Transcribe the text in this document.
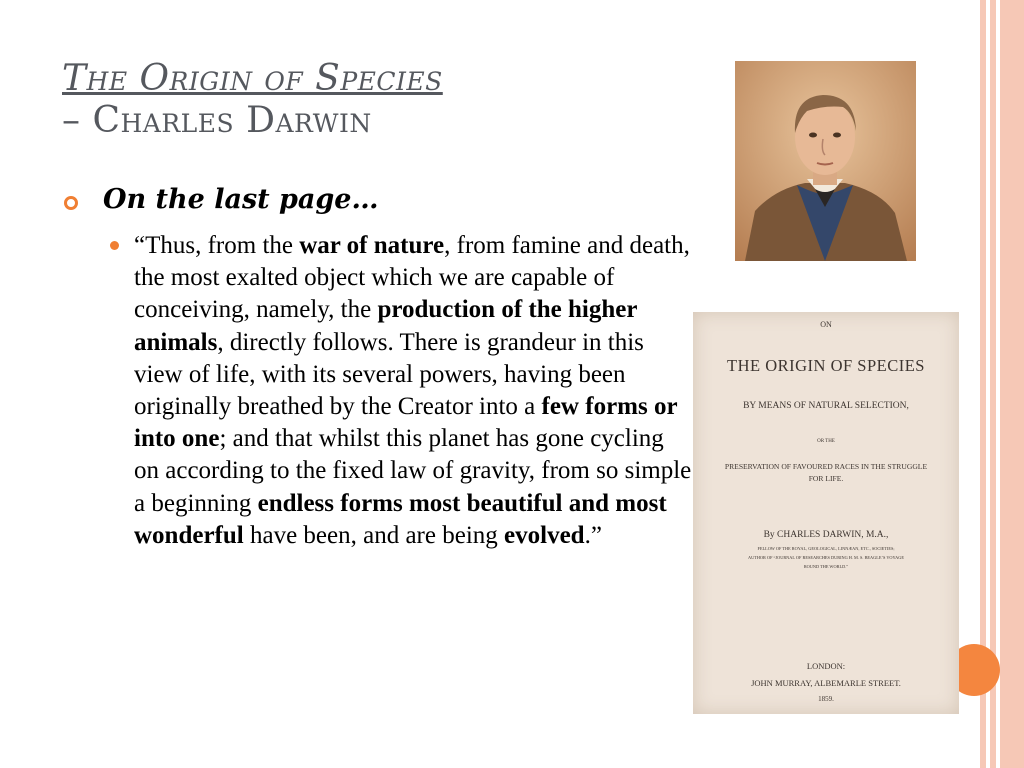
The Origin of Species
– Charles Darwin
On the last page…
“Thus, from the war of nature, from famine and death, the most exalted object which we are capable of conceiving, namely, the production of the higher animals, directly follows. There is grandeur in this view of life, with its several powers, having been originally breathed by the Creator into a few forms or into one; and that whilst this planet has gone cycling on according to the fixed law of gravity, from so simple a beginning endless forms most beautiful and most wonderful have been, and are being evolved.”
ON
THE ORIGIN OF SPECIES
BY MEANS OF NATURAL SELECTION,
OR THE
PRESERVATION OF FAVOURED RACES IN THE STRUGGLE
FOR LIFE.
By CHARLES DARWIN, M.A.,
FELLOW OF THE ROYAL, GEOLOGICAL, LINNÆAN, ETC., SOCIETIES;
AUTHOR OF “JOURNAL OF RESEARCHES DURING H. M. S. BEAGLE’S VOYAGE
ROUND THE WORLD.”
LONDON:
JOHN MURRAY, ALBEMARLE STREET.
1859.
